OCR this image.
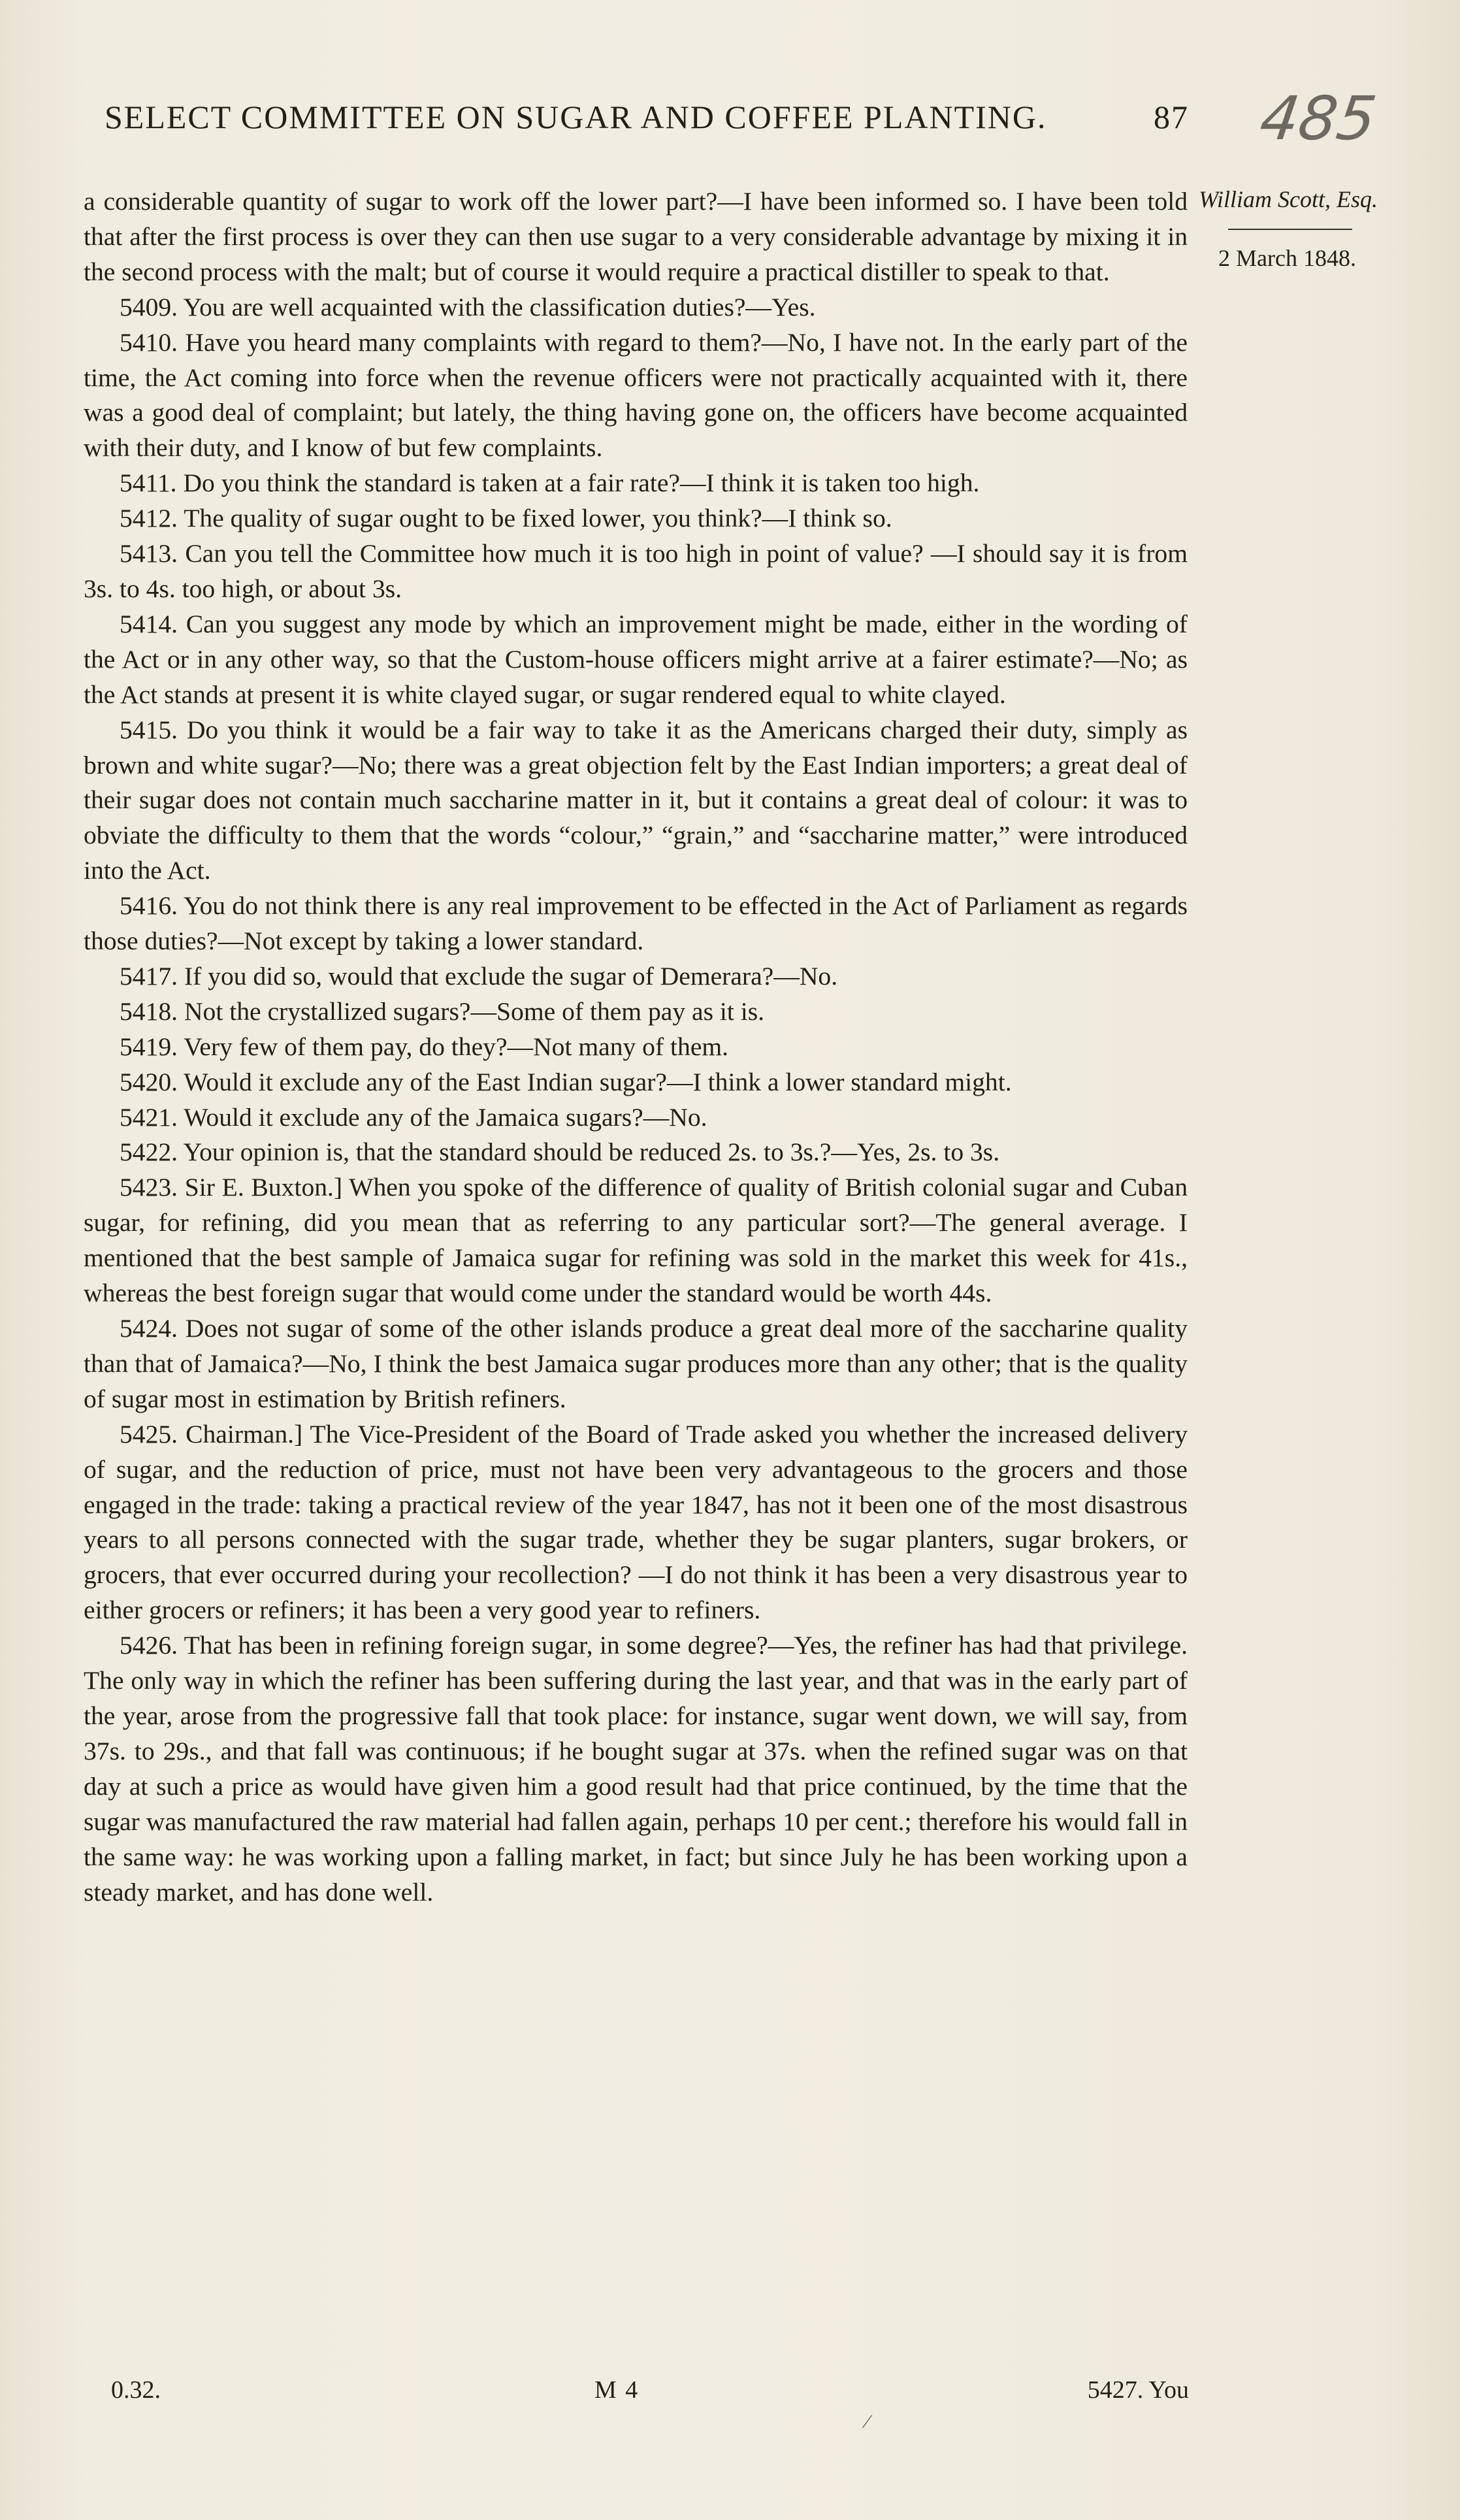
SELECT COMMITTEE ON SUGAR AND COFFEE PLANTING.	87 485
William Scott, Esq.
2 March 1848.

a considerable quantity of sugar to work off the lower part?—I have been informed so. I have been told that after the first process is over they can then use sugar to a very considerable advantage by mixing it in the second process with the malt; but of course it would require a practical distiller to speak to that.

5409. You are well acquainted with the classification duties?—Yes.

5410. Have you heard many complaints with regard to them?—No, I have not. In the early part of the time, the Act coming into force when the revenue officers were not practically acquainted with it, there was a good deal of complaint; but lately, the thing having gone on, the officers have become acquainted with their duty, and I know of but few complaints.

5411. Do you think the standard is taken at a fair rate?—I think it is taken too high.

5412. The quality of sugar ought to be fixed lower, you think?—I think so.

5413. Can you tell the Committee how much it is too high in point of value? —I should say it is from 3s. to 4s. too high, or about 3s.

5414. Can you suggest any mode by which an improvement might be made, either in the wording of the Act or in any other way, so that the Custom-house officers might arrive at a fairer estimate?—No; as the Act stands at present it is white clayed sugar, or sugar rendered equal to white clayed.

5415. Do you think it would be a fair way to take it as the Americans charged their duty, simply as brown and white sugar?—No; there was a great objection felt by the East Indian importers; a great deal of their sugar does not contain much saccharine matter in it, but it contains a great deal of colour: it was to obviate the difficulty to them that the words “colour,” “grain,” and “saccharine matter,” were introduced into the Act.

5416. You do not think there is any real improvement to be effected in the Act of Parliament as regards those duties?—Not except by taking a lower standard.

5417. If you did so, would that exclude the sugar of Demerara?—No.

5418. Not the crystallized sugars?—Some of them pay as it is.

5419. Very few of them pay, do they?—Not many of them.

5420. Would it exclude any of the East Indian sugar?—I think a lower standard might.

5421. Would it exclude any of the Jamaica sugars?—No.

5422. Your opinion is, that the standard should be reduced 2s. to 3s.?—Yes, 2s. to 3s.

5423. Sir E. Buxton.] When you spoke of the difference of quality of British colonial sugar and Cuban sugar, for refining, did you mean that as referring to any particular sort?—The general average. I mentioned that the best sample of Jamaica sugar for refining was sold in the market this week for 41s., whereas the best foreign sugar that would come under the standard would be worth 44s.

5424. Does not sugar of some of the other islands produce a great deal more of the saccharine quality than that of Jamaica?—No, I think the best Jamaica sugar produces more than any other; that is the quality of sugar most in estimation by British refiners.

5425. Chairman.] The Vice-President of the Board of Trade asked you whether the increased delivery of sugar, and the reduction of price, must not have been very advantageous to the grocers and those engaged in the trade: taking a practical review of the year 1847, has not it been one of the most disastrous years to all persons connected with the sugar trade, whether they be sugar planters, sugar brokers, or grocers, that ever occurred during your recollection? —I do not think it has been a very disastrous year to either grocers or refiners; it has been a very good year to refiners.

5426. That has been in refining foreign sugar, in some degree?—Yes, the refiner has had that privilege. The only way in which the refiner has been suffering during the last year, and that was in the early part of the year, arose from the progressive fall that took place: for instance, sugar went down, we will say, from 37s. to 29s., and that fall was continuous; if he bought sugar at 37s. when the refined sugar was on that day at such a price as would have given him a good result had that price continued, by the time that the sugar was manufactured the raw material had fallen again, perhaps 10 per cent.; therefore his would fall in the same way: he was working upon a falling market, in fact; but since July he has been working upon a steady market, and has done well.

0.32.	M 4	5427. You
⁄
